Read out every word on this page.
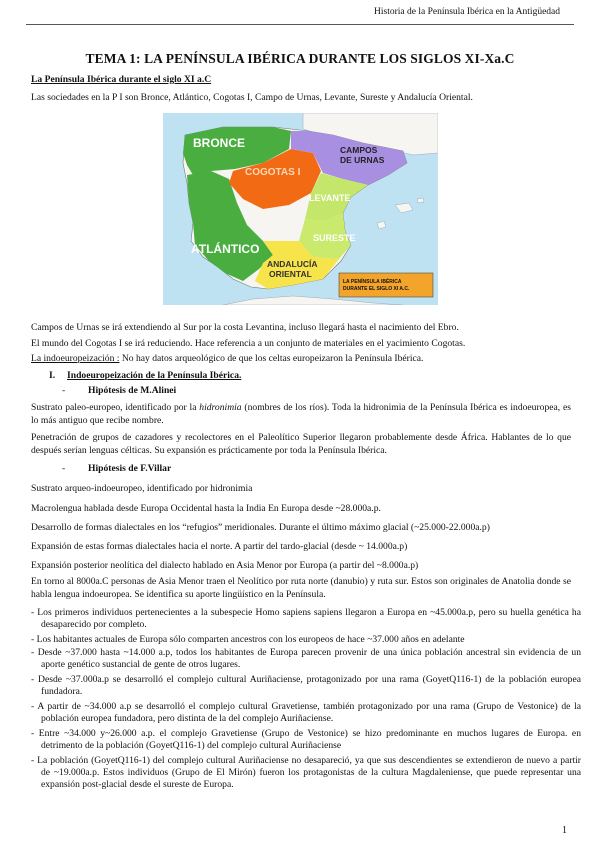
Historia de la Península Ibérica en la Antigüedad
TEMA 1: LA PENÍNSULA IBÉRICA DURANTE LOS SIGLOS XI-Xa.C
La Península Ibérica durante el siglo XI a.C
Las sociedades en la P I son Bronce, Atlántico, Cogotas I, Campo de Urnas, Levante, Sureste y Andalucía Oriental.
BRONCE
COGOTAS I
CAMPOS DE URNAS
LEVANTE
SURESTE
ATLÁNTICO
ANDALUCÍA ORIENTAL
LA PENÍNSULA IBÉRICA DURANTE EL SIGLO XI A.C.
Campos de Urnas se irá extendiendo al Sur por la costa Levantina, incluso llegará hasta el nacimiento del Ebro.
El mundo del Cogotas I se irá reduciendo. Hace referencia a un conjunto de materiales en el yacimiento Cogotas.
La indoeuropeización : No hay datos arqueológico de que los celtas europeizaron la Península Ibérica.
I. Indoeuropeización de la Península Ibérica.
- Hipótesis de M.Alinei
Sustrato paleo-europeo, identificado por la hidronimia (nombres de los ríos). Toda la hidronimia de la Península Ibérica es indoeuropea, es lo más antiguo que recibe nombre.
Penetración de grupos de cazadores y recolectores en el Paleolítico Superior llegaron probablemente desde África. Hablantes de lo que después serían lenguas célticas. Su expansión es prácticamente por toda la Península Ibérica.
- Hipótesis de F.Villar
Sustrato arqueo-indoeuropeo, identificado por hidronimia
Macrolengua hablada desde Europa Occidental hasta la India En Europa desde ~28.000a.p.
Desarrollo de formas dialectales en los “refugios” meridionales. Durante el último máximo glacial (~25.000-22.000a.p)
Expansión de estas formas dialectales hacia el norte. A partir del tardo-glacial (desde ~ 14.000a.p)
Expansión posterior neolítica del dialecto hablado en Asia Menor por Europa (a partir del ~8.000a.p)
En torno al 8000a.C personas de Asia Menor traen el Neolítico por ruta norte (danubio) y ruta sur. Estos son originales de Anatolia donde se habla lengua indoeuropea. Se identifica su aporte lingüístico en la Península.
- Los primeros individuos pertenecientes a la subespecie Homo sapiens sapiens llegaron a Europa en ~45.000a.p, pero su huella genética ha desaparecido por completo.
- Los habitantes actuales de Europa sólo comparten ancestros con los europeos de hace ~37.000 años en adelante
- Desde ~37.000 hasta ~14.000 a.p, todos los habitantes de Europa parecen provenir de una única población ancestral sin evidencia de un aporte genético sustancial de gente de otros lugares.
- Desde ~37.000a.p se desarrolló el complejo cultural Auriñaciense, protagonizado por una rama (GoyetQ116-1) de la población europea fundadora.
- A partir de ~34.000 a.p se desarrolló el complejo cultural Gravetiense, también protagonizado por una rama (Grupo de Vestonice) de la población europea fundadora, pero distinta de la del complejo Auriñaciense.
- Entre ~34.000 y~26.000 a.p. el complejo Gravetiense (Grupo de Vestonice) se hizo predominante en muchos lugares de Europa. en detrimento de la población (GoyetQ116-1) del complejo cultural Auriñaciense
- La población (GoyetQ116-1) del complejo cultural Auriñaciense no desapareció, ya que sus descendientes se extendieron de nuevo a partir de ~19.000a.p. Estos individuos (Grupo de El Mirón) fueron los protagonistas de la cultura Magdaleniense, que puede representar una expansión post-glacial desde el sureste de Europa.
1
